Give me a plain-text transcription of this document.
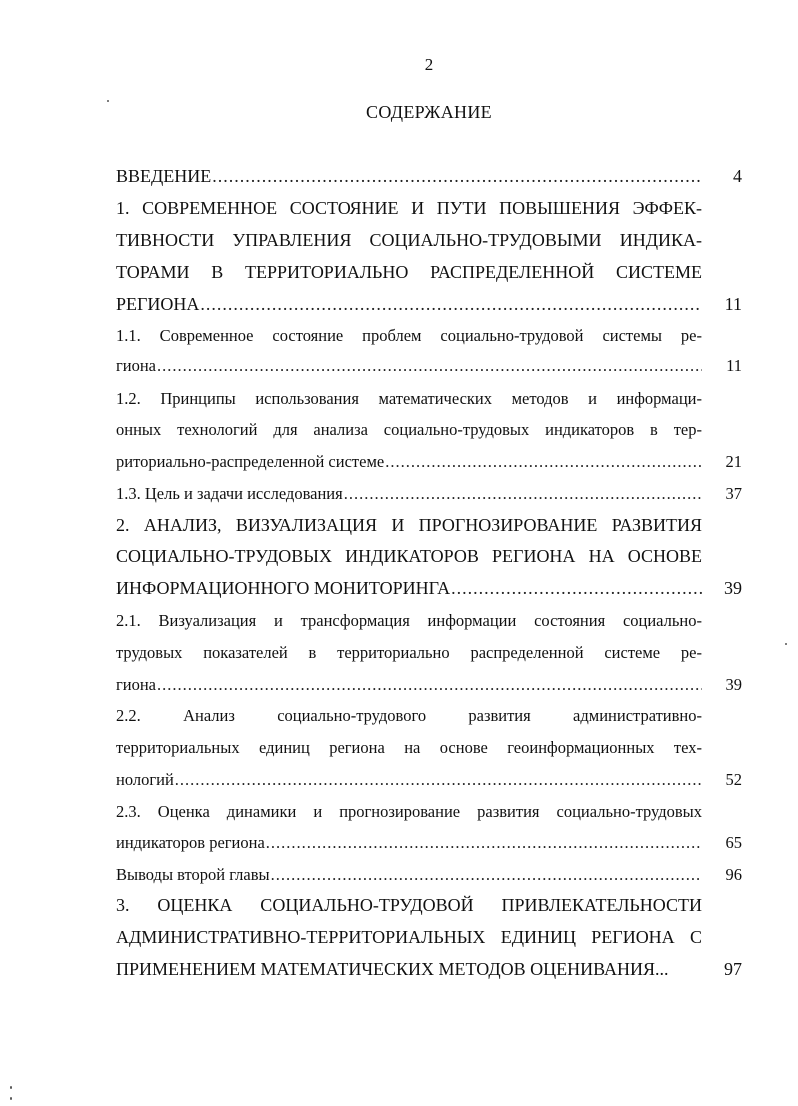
2
СОДЕРЖАНИЕ
ВВЕДЕНИЕ .....	4
1. СОВРЕМЕННОЕ СОСТОЯНИЕ И ПУТИ ПОВЫШЕНИЯ ЭФФЕК-
ТИВНОСТИ УПРАВЛЕНИЯ СОЦИАЛЬНО-ТРУДОВЫМИ ИНДИКА-
ТОРАМИ В ТЕРРИТОРИАЛЬНО РАСПРЕДЕЛЕННОЙ СИСТЕМЕ
РЕГИОНА .....	11
1.1. Современное состояние проблем социально-трудовой системы ре-
гиона .....	11
1.2. Принципы использования математических методов и информаци-
онных технологий для анализа социально-трудовых индикаторов в тер-
риториально-распределенной системе .....	21
1.3. Цель и задачи исследования .....	37
2. АНАЛИЗ, ВИЗУАЛИЗАЦИЯ И ПРОГНОЗИРОВАНИЕ РАЗВИТИЯ
СОЦИАЛЬНО-ТРУДОВЫХ ИНДИКАТОРОВ РЕГИОНА НА ОСНОВЕ
ИНФОРМАЦИОННОГО МОНИТОРИНГА .....	39
2.1. Визуализация и трансформация информации состояния социально-
трудовых показателей в территориально распределенной системе ре-
гиона .....	39
2.2. Анализ социально-трудового развития административно-
территориальных единиц региона на основе геоинформационных тех-
нологий .....	52
2.3. Оценка динамики и прогнозирование развития социально-трудовых
индикаторов региона .....	65
Выводы второй главы .....	96
3. ОЦЕНКА СОЦИАЛЬНО-ТРУДОВОЙ ПРИВЛЕКАТЕЛЬНОСТИ
АДМИНИСТРАТИВНО-ТЕРРИТОРИАЛЬНЫХ ЕДИНИЦ РЕГИОНА С
ПРИМЕНЕНИЕМ МАТЕМАТИЧЕСКИХ МЕТОДОВ ОЦЕНИВАНИЯ...	97
